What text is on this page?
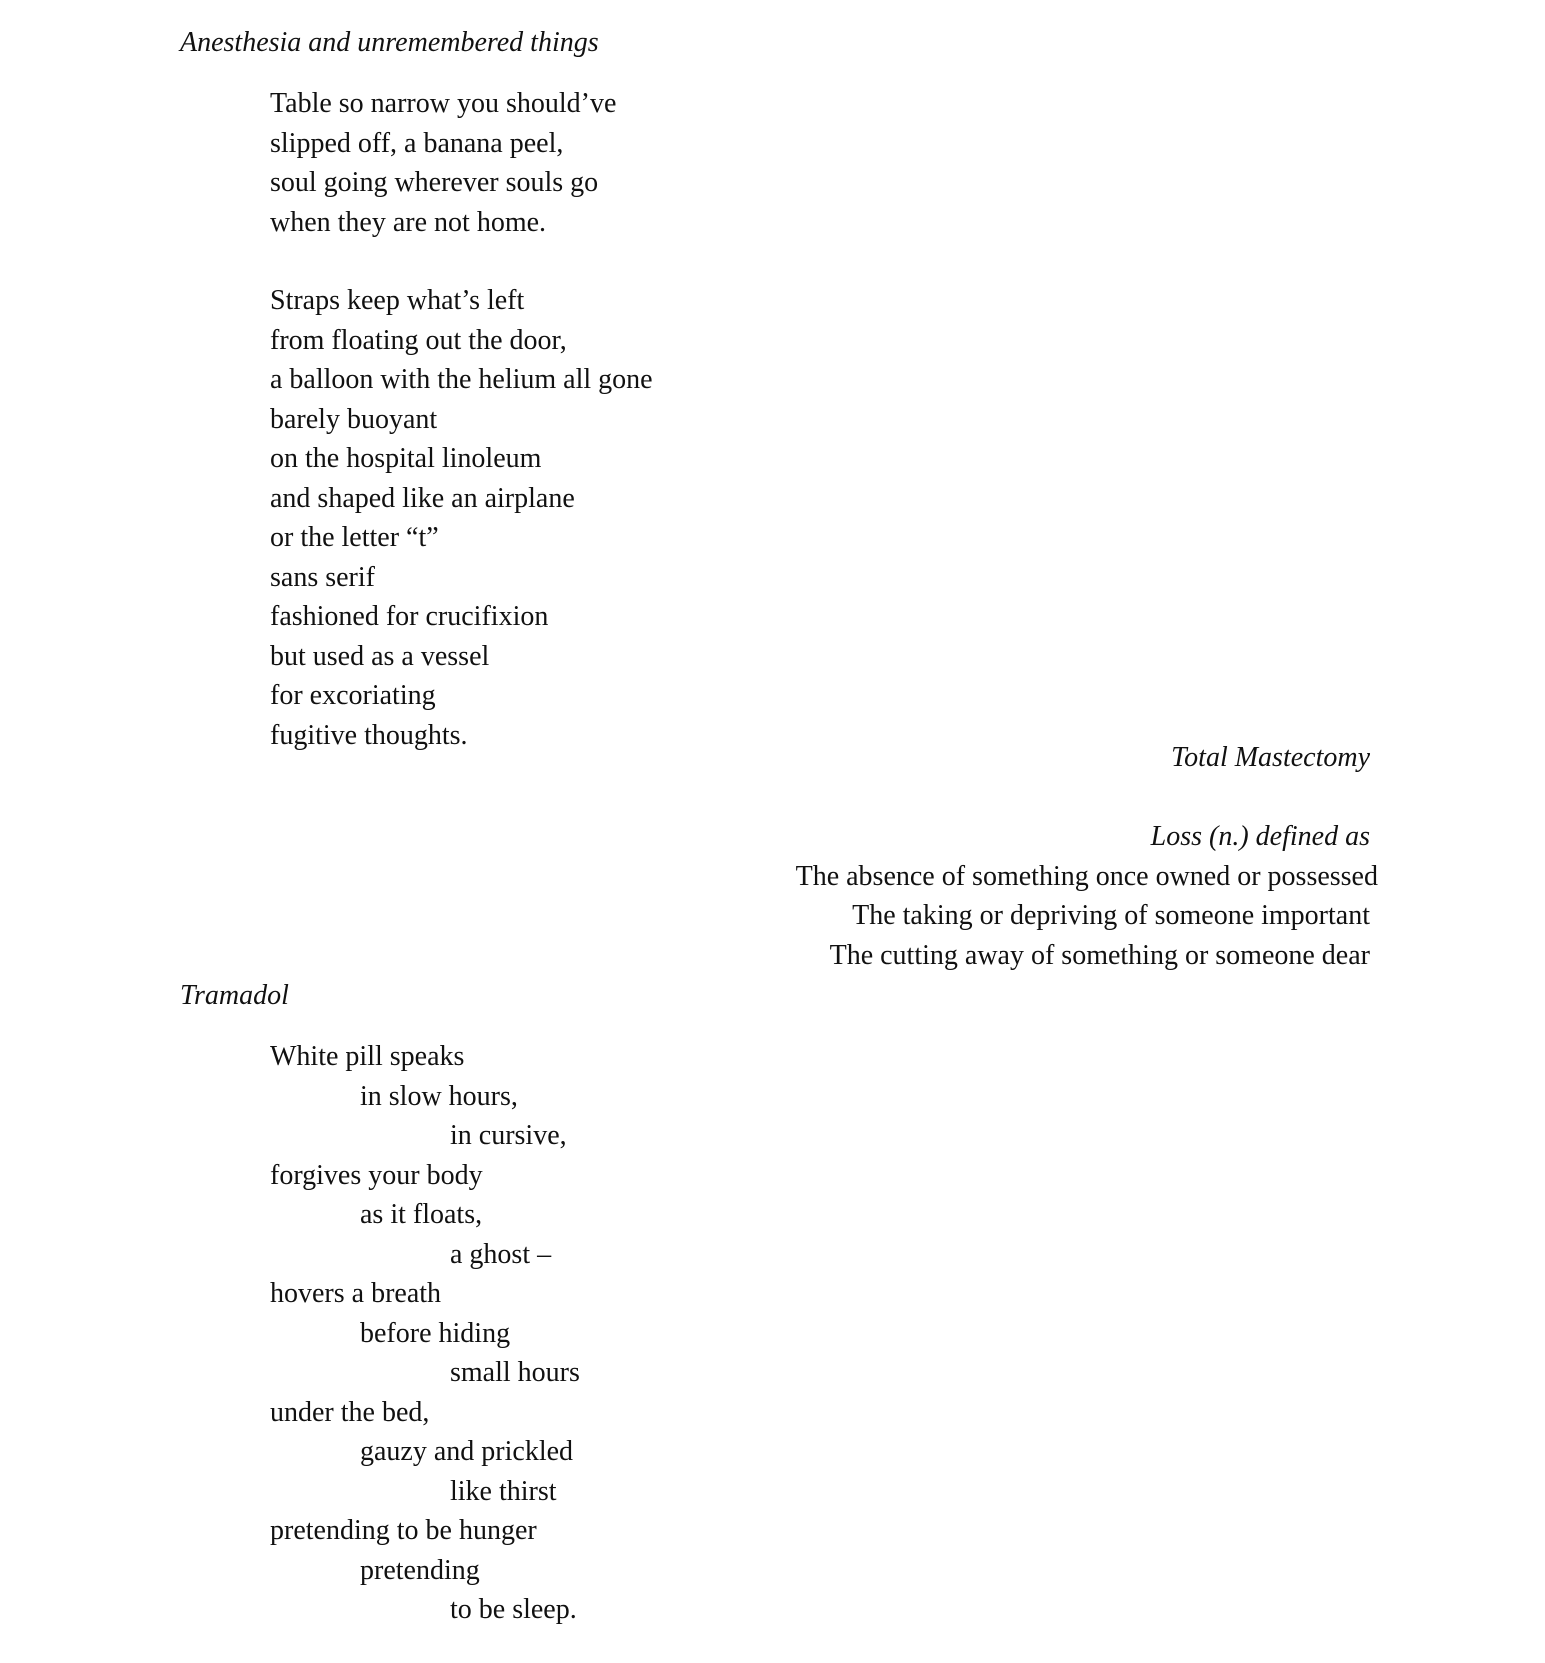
Anesthesia and unremembered things
Table so narrow you should’ve
slipped off, a banana peel,
soul going wherever souls go
when they are not home.
Straps keep what’s left
from floating out the door,
a balloon with the helium all gone
barely buoyant
on the hospital linoleum
and shaped like an airplane
or the letter “t”
sans serif
fashioned for crucifixion
but used as a vessel
for excoriating
fugitive thoughts.
Total Mastectomy
Loss (n.) defined as
The absence of something once owned or possessed
The taking or depriving of someone important
The cutting away of something or someone dear
Tramadol
White pill speaks
in slow hours,
in cursive,
forgives your body
as it floats,
a ghost –
hovers a breath
before hiding
small hours
under the bed,
gauzy and prickled
like thirst
pretending to be hunger
pretending
to be sleep.
